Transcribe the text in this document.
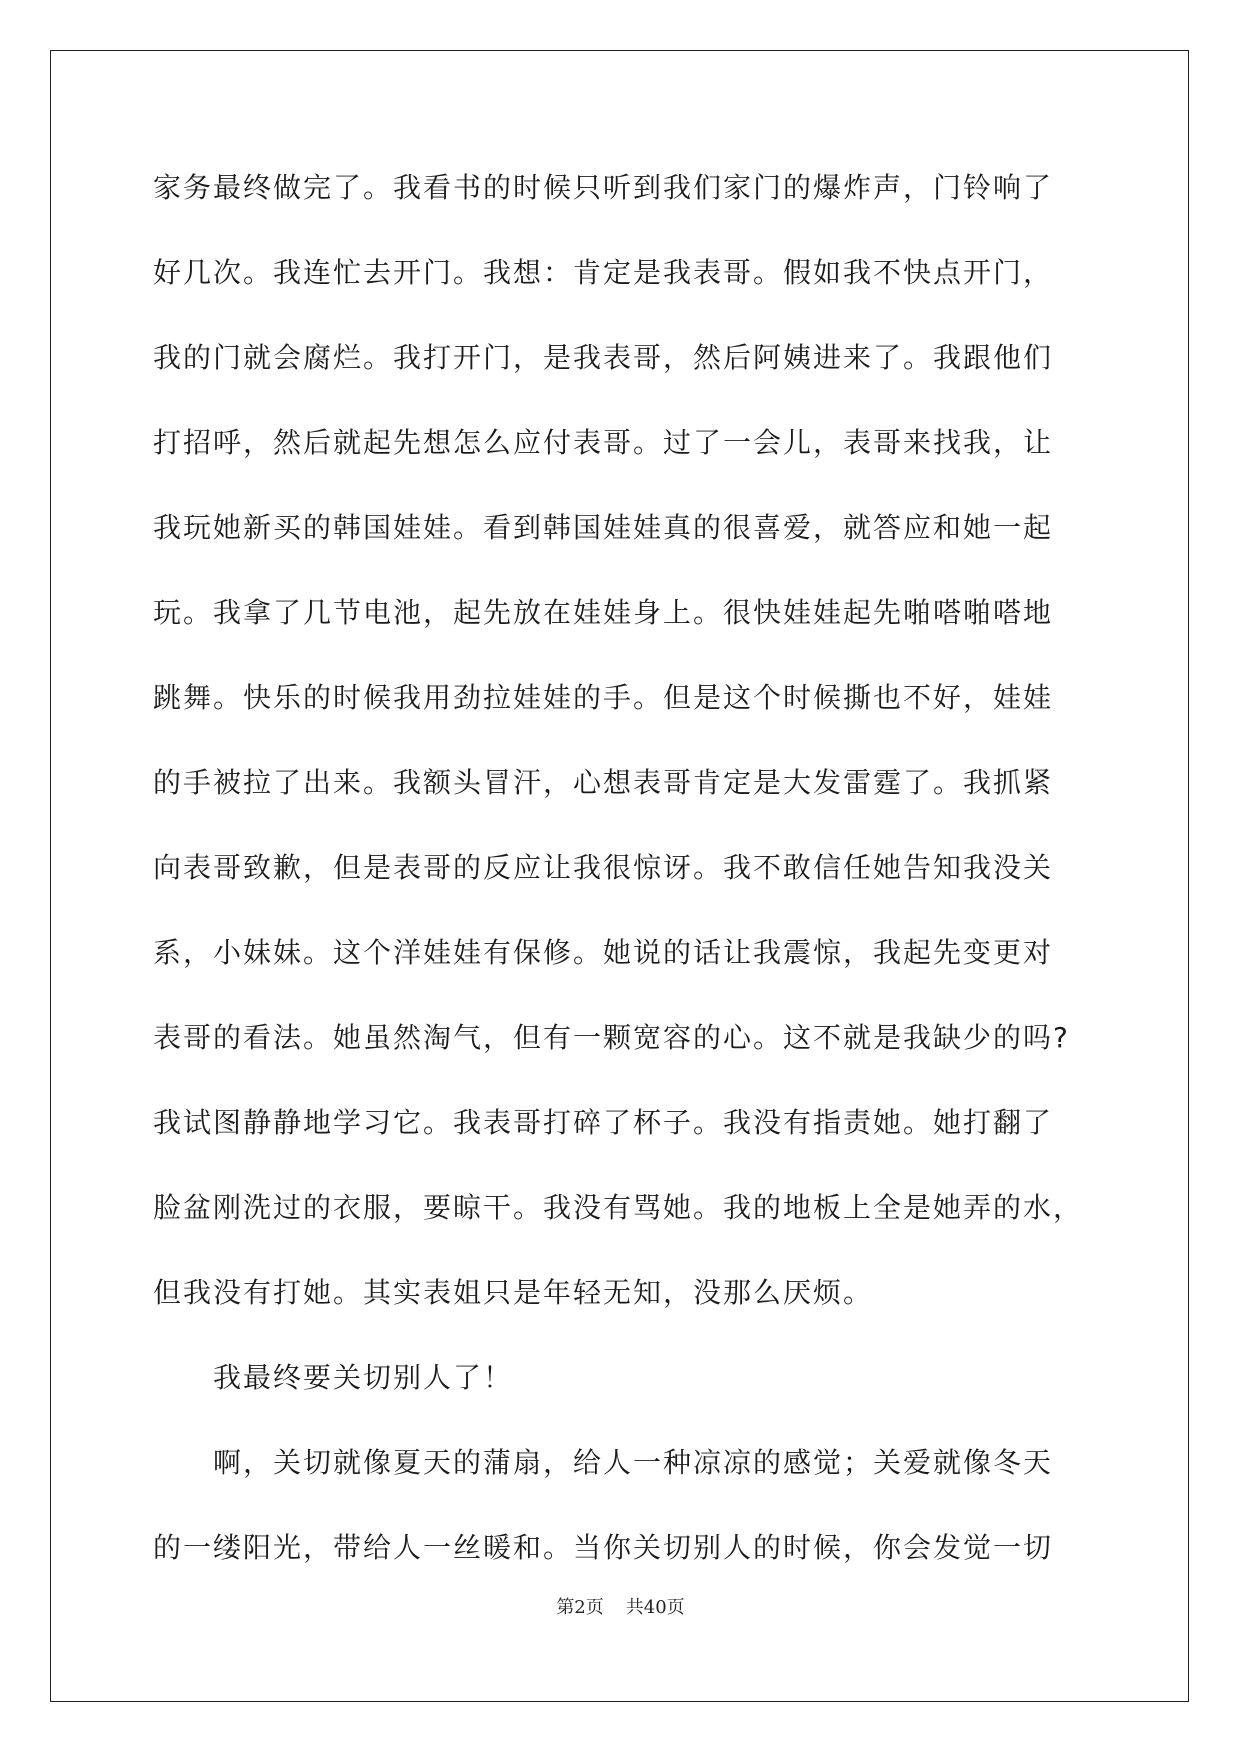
家务最终做完了。我看书的时候只听到我们家门的爆炸声，门铃响了
好几次。我连忙去开门。我想：肯定是我表哥。假如我不快点开门，
我的门就会腐烂。我打开门，是我表哥，然后阿姨进来了。我跟他们
打招呼，然后就起先想怎么应付表哥。过了一会儿，表哥来找我，让
我玩她新买的韩国娃娃。看到韩国娃娃真的很喜爱，就答应和她一起
玩。我拿了几节电池，起先放在娃娃身上。很快娃娃起先啪嗒啪嗒地
跳舞。快乐的时候我用劲拉娃娃的手。但是这个时候撕也不好，娃娃
的手被拉了出来。我额头冒汗，心想表哥肯定是大发雷霆了。我抓紧
向表哥致歉，但是表哥的反应让我很惊讶。我不敢信任她告知我没关
系，小妹妹。这个洋娃娃有保修。她说的话让我震惊，我起先变更对
表哥的看法。她虽然淘气，但有一颗宽容的心。这不就是我缺少的吗?
我试图静静地学习它。我表哥打碎了杯子。我没有指责她。她打翻了
脸盆刚洗过的衣服，要晾干。我没有骂她。我的地板上全是她弄的水，
但我没有打她。其实表姐只是年轻无知，没那么厌烦。
我最终要关切别人了！
啊，关切就像夏天的蒲扇，给人一种凉凉的感觉；关爱就像冬天
的一缕阳光，带给人一丝暖和。当你关切别人的时候，你会发觉一切
第2页 共40页
